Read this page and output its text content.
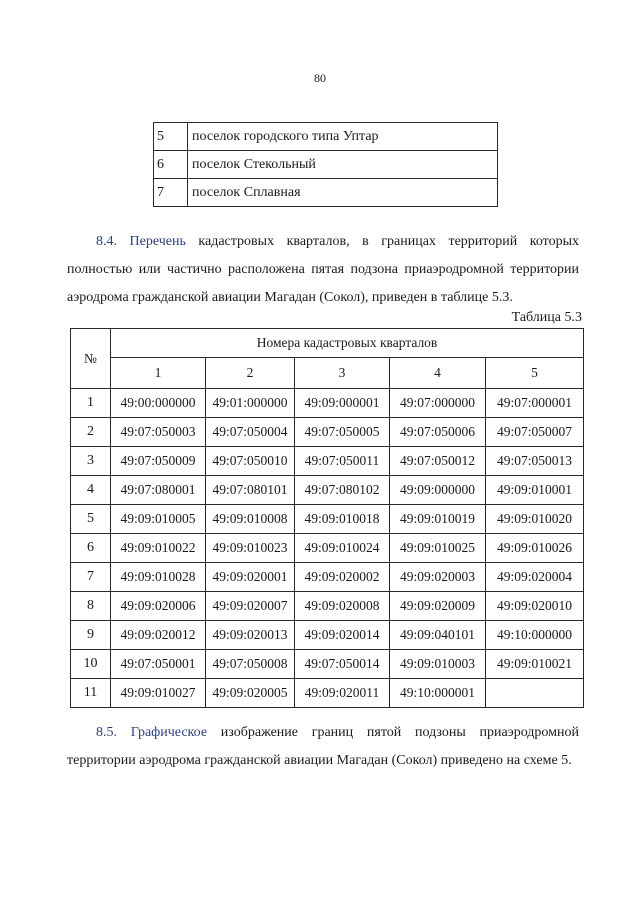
80
5	поселок городского типа Уптар
6	поселок Стекольный
7	поселок Сплавная

8.4. Перечень кадастровых кварталов, в границах территорий которых полностью или частично расположена пятая подзона приаэродромной территории аэродрома гражданской авиации Магадан (Сокол), приведен в таблице 5.3.

Таблица 5.3

№	Номера кадастровых кварталов				
	1	2	3	4	5
1	49:00:000000	49:01:000000	49:09:000001	49:07:000000	49:07:000001
2	49:07:050003	49:07:050004	49:07:050005	49:07:050006	49:07:050007
3	49:07:050009	49:07:050010	49:07:050011	49:07:050012	49:07:050013
4	49:07:080001	49:07:080101	49:07:080102	49:09:000000	49:09:010001
5	49:09:010005	49:09:010008	49:09:010018	49:09:010019	49:09:010020
6	49:09:010022	49:09:010023	49:09:010024	49:09:010025	49:09:010026
7	49:09:010028	49:09:020001	49:09:020002	49:09:020003	49:09:020004
8	49:09:020006	49:09:020007	49:09:020008	49:09:020009	49:09:020010
9	49:09:020012	49:09:020013	49:09:020014	49:09:040101	49:10:000000
10	49:07:050001	49:07:050008	49:07:050014	49:09:010003	49:09:010021
11	49:09:010027	49:09:020005	49:09:020011	49:10:000001	

8.5. Графическое изображение границ пятой подзоны приаэродромной территории аэродрома гражданской авиации Магадан (Сокол) приведено на схеме 5.
